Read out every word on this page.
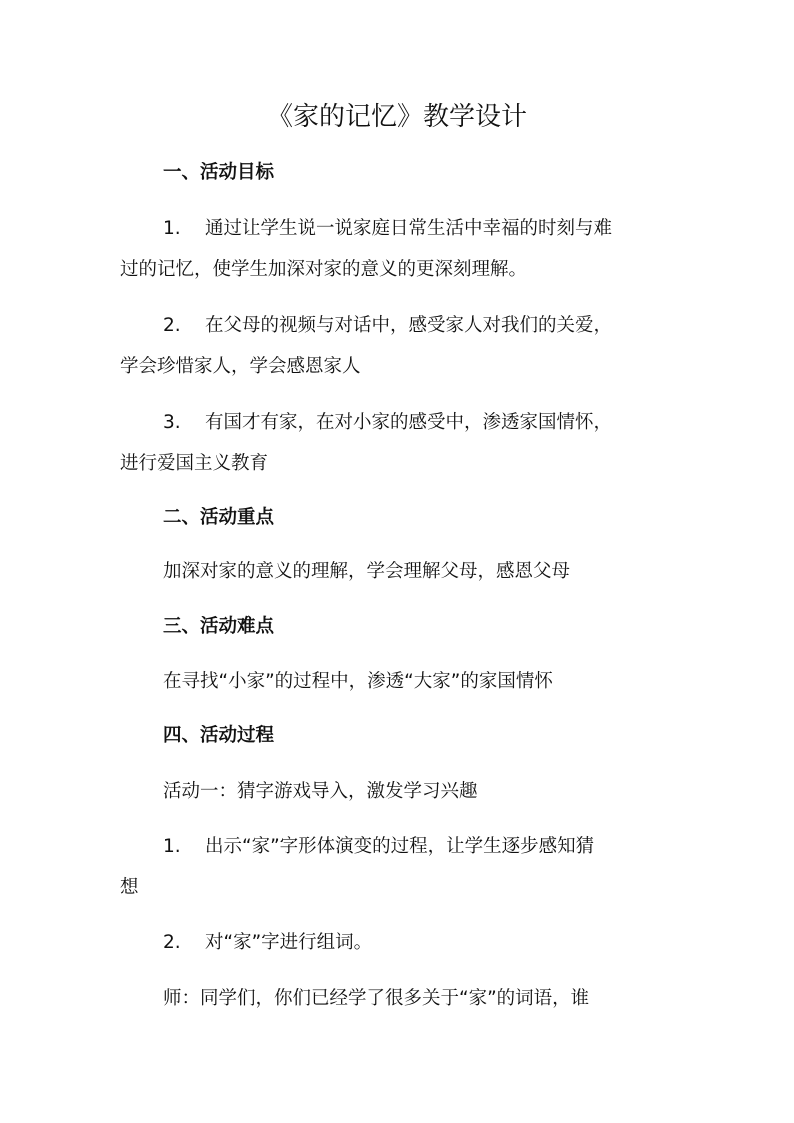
《家的记忆》教学设计
一、活动目标
1. 通过让学生说一说家庭日常生活中幸福的时刻与难
过的记忆，使学生加深对家的意义的更深刻理解。
2. 在父母的视频与对话中，感受家人对我们的关爱，
学会珍惜家人，学会感恩家人
3. 有国才有家，在对小家的感受中，渗透家国情怀，
进行爱国主义教育
二、活动重点
加深对家的意义的理解，学会理解父母，感恩父母
三、活动难点
在寻找“小家”的过程中，渗透“大家”的家国情怀
四、活动过程
活动一：猜字游戏导入，激发学习兴趣
1. 出示“家”字形体演变的过程，让学生逐步感知猜
想
2. 对“家”字进行组词。
师：同学们，你们已经学了很多关于“家”的词语，谁
